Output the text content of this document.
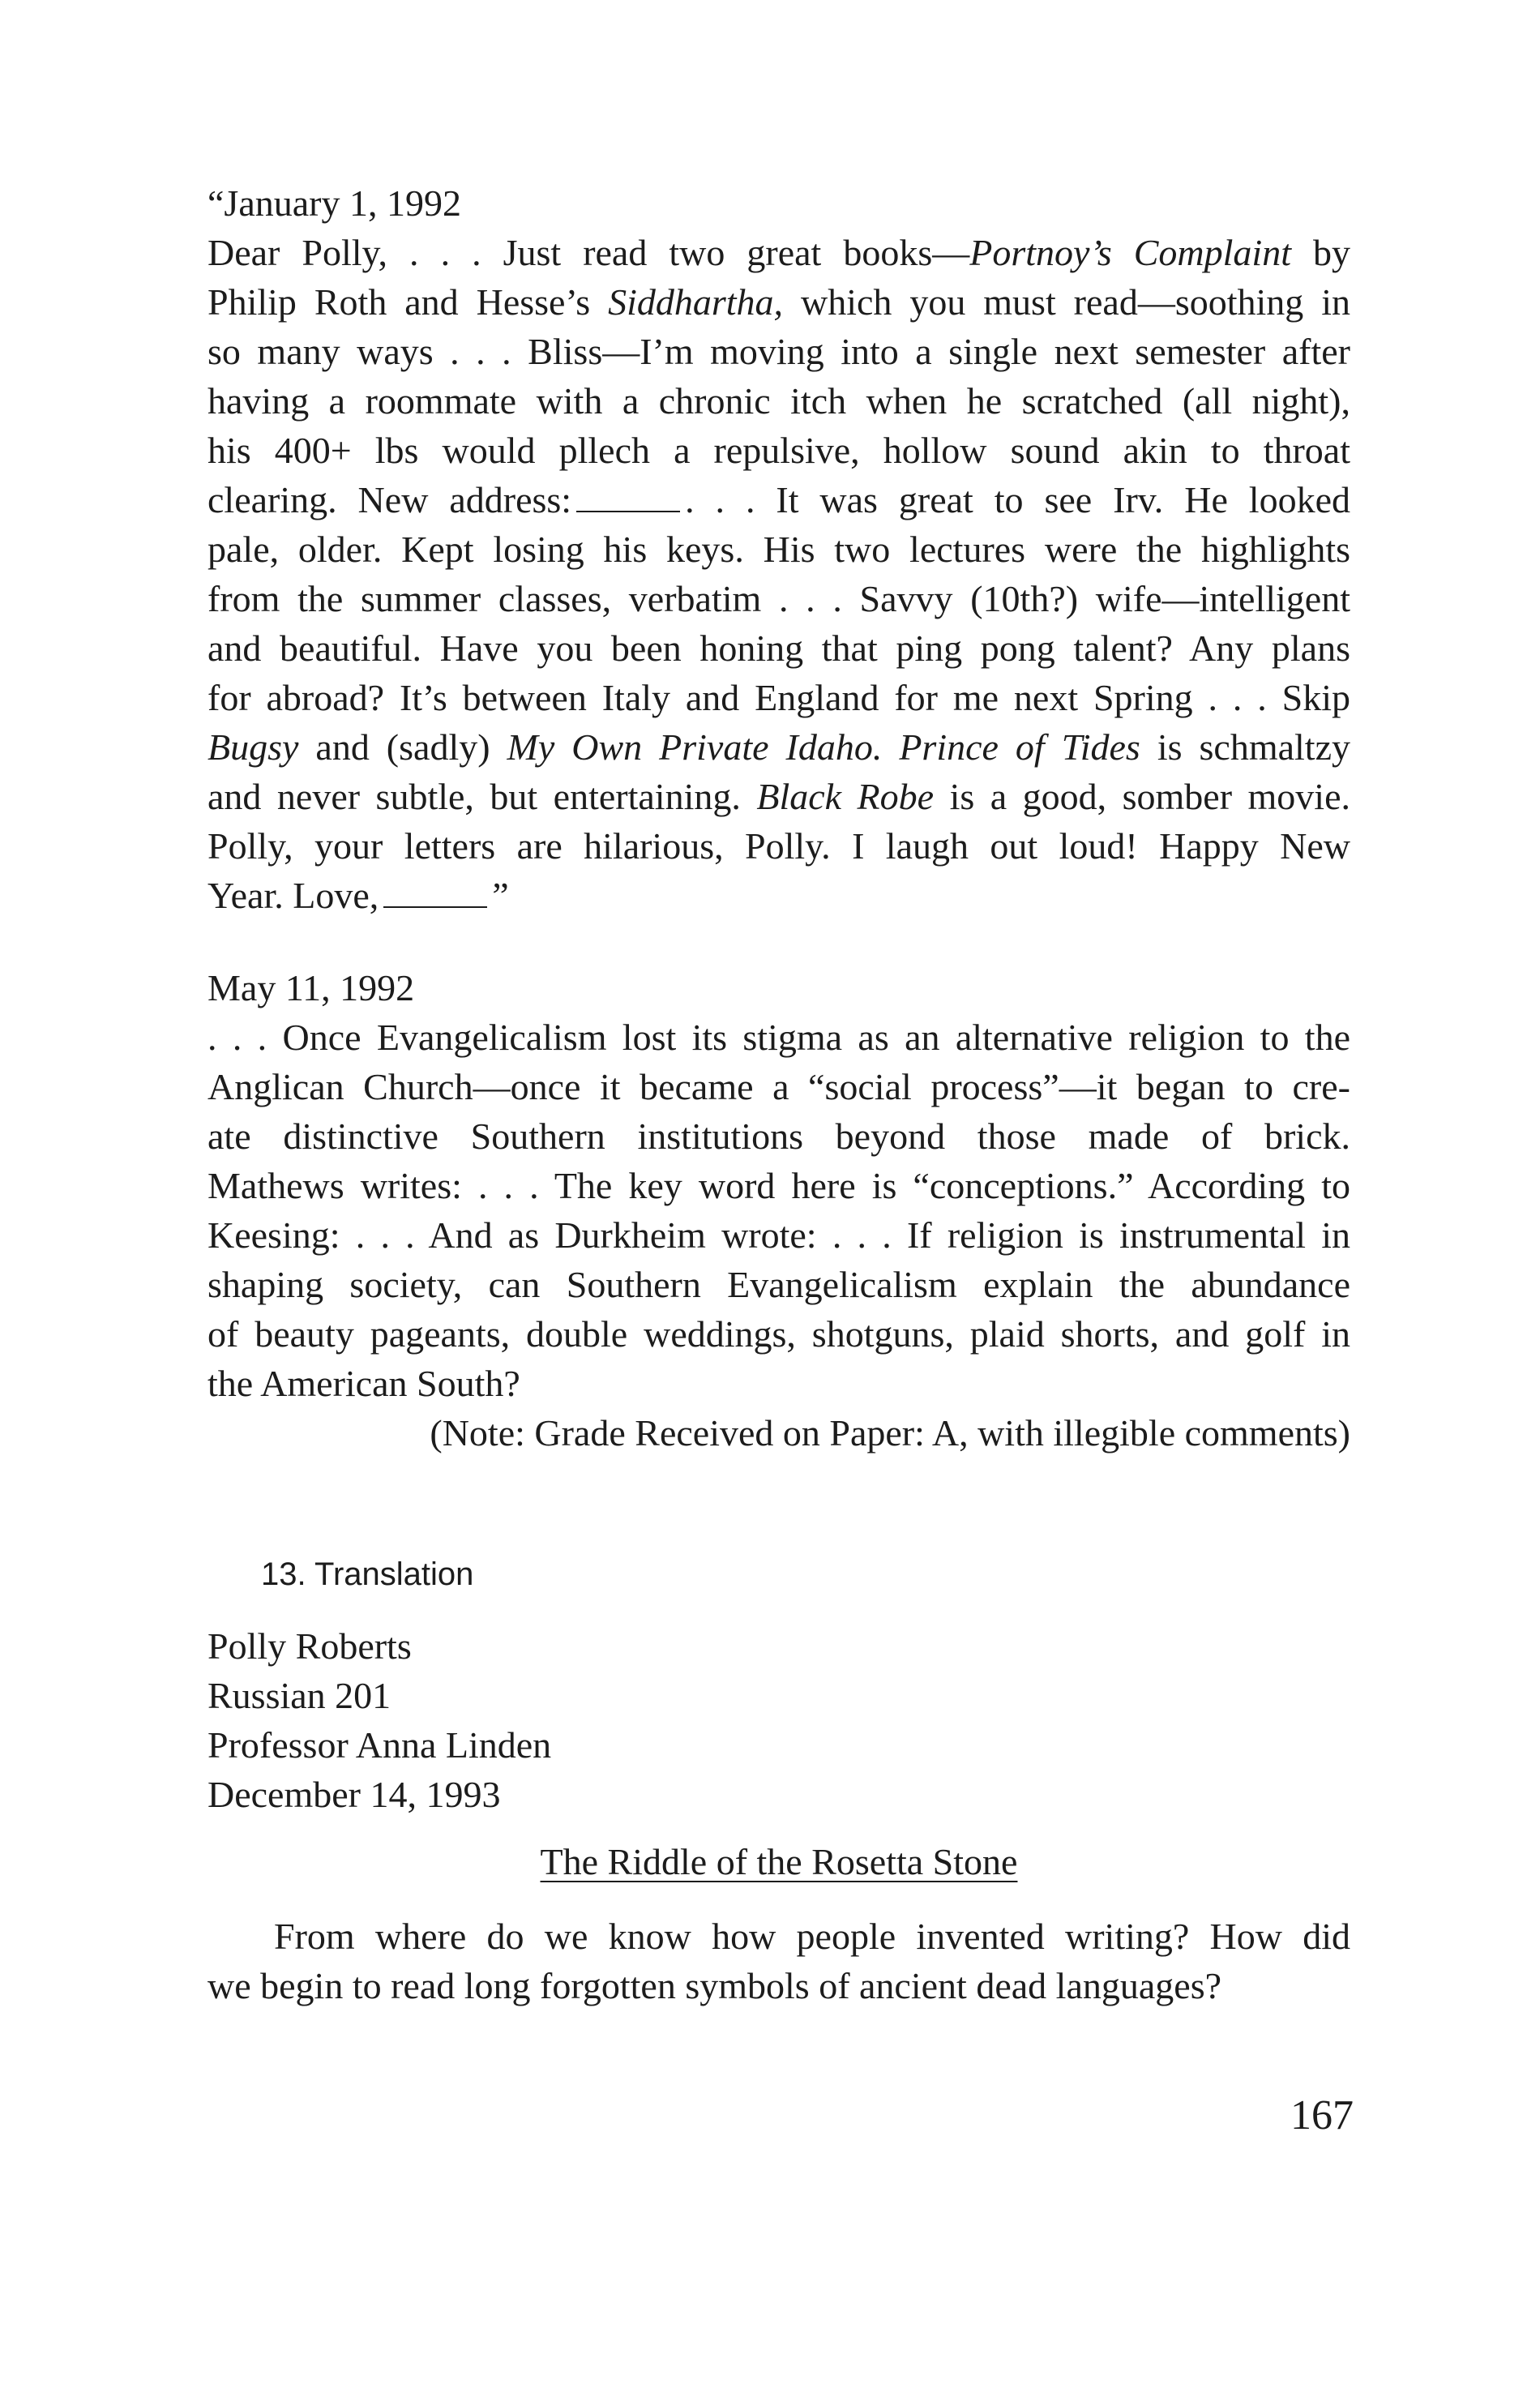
“January 1, 1992
Dear Polly, . . . Just read two great books—Portnoy’s Complaint by
Philip Roth and Hesse’s Siddhartha, which you must read—soothing in
so many ways . . . Bliss—I’m moving into a single next semester after
having a roommate with a chronic itch when he scratched (all night),
his 400+ lbs would pllech a repulsive, hollow sound akin to throat
clearing. New address:	. . . It was great to see Irv. He looked
pale, older. Kept losing his keys. His two lectures were the highlights
from the summer classes, verbatim . . . Savvy (10th?) wife—intelligent
and beautiful. Have you been honing that ping pong talent? Any plans
for abroad? It’s between Italy and England for me next Spring . . . Skip
Bugsy and (sadly) My Own Private Idaho. Prince of Tides is schmaltzy
and never subtle, but entertaining. Black Robe is a good, somber movie.
Polly, your letters are hilarious, Polly. I laugh out loud! Happy New
Year. Love,	”
May 11, 1992
. . . Once Evangelicalism lost its stigma as an alternative religion to the
Anglican Church—once it became a “social process”—it began to cre-
ate distinctive Southern institutions beyond those made of brick.
Mathews writes: . . . The key word here is “conceptions.” According to
Keesing: . . . And as Durkheim wrote: . . . If religion is instrumental in
shaping society, can Southern Evangelicalism explain the abundance
of beauty pageants, double weddings, shotguns, plaid shorts, and golf in
the American South?
(Note: Grade Received on Paper: A, with illegible comments)
13. Translation
Polly Roberts
Russian 201
Professor Anna Linden
December 14, 1993
The Riddle of the Rosetta Stone
From where do we know how people invented writing? How did
we begin to read long forgotten symbols of ancient dead languages?
167
